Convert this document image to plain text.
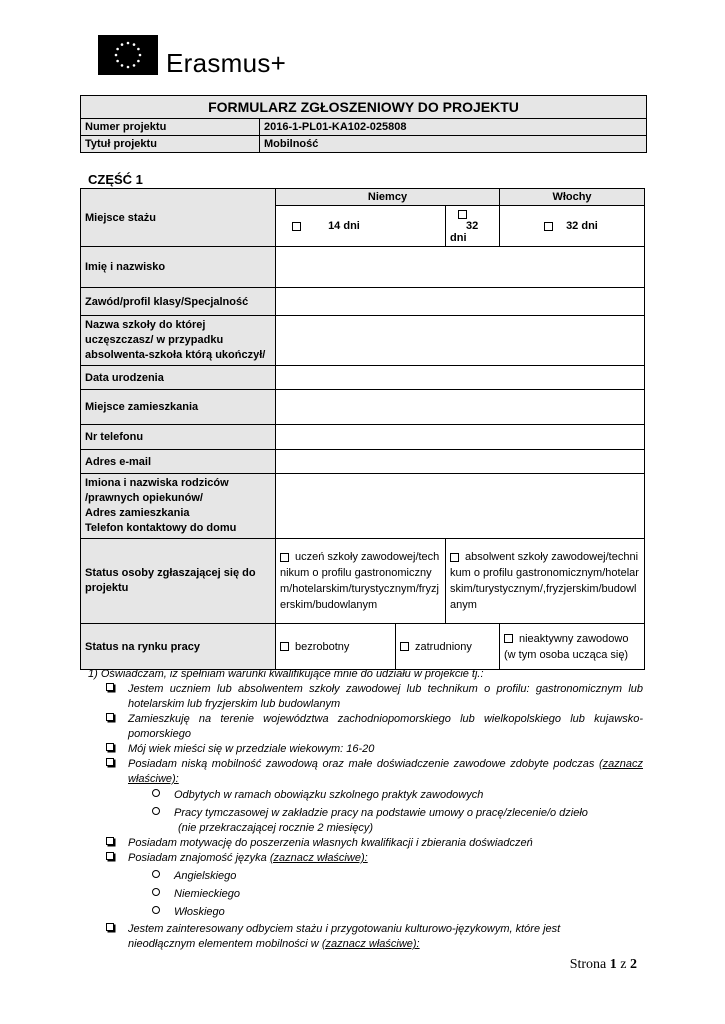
Erasmus+
FORMULARZ ZGŁOSZENIOWY DO PROJEKTU	
Numer projektu	2016-1-PL01-KA102-025808
Tytuł projektu	Mobilność
CZĘŚĆ 1
Miejsce stażu	Niemcy			Włochy
	14 dni		32 dni	32 dni
Imię i nazwisko				
Zawód/profil klasy/Specjalność				
Nazwa szkoły do której uczęszczasz/ w przypadku absolwenta-szkoła którą ukończył/				
Data urodzenia				
Miejsce zamieszkania				
Nr telefonu				
Adres e-mail				

Imiona i nazwiska rodziców
/prawnych opiekunów/
Adres zamieszkania
Telefon kontaktowy do domu				

Status osoby zgłaszającej się do projektu	uczeń szkoły zawodowej/technikum o profilu gastronomicznym/hotelarskim/turystycznym/fryzjerskim/budowlanym		absolwent szkoły zawodowej/technikum o profilu gastronomicznym/hotelarskim/turystycznym/,fryzjerskim/budowlanym	
Status na rynku pracy	bezrobotny	zatrudniony		nieaktywny zawodowo (w tym osoba ucząca się)
1) Oświadczam, iż spełniam warunki kwalifikujące mnie do udziału w projekcie tj.:
Jestem uczniem lub absolwentem szkoły zawodowej lub technikum o profilu: gastronomicznym lub hotelarskim lub fryzjerskim lub budowlanym
Zamieszkuję na terenie województwa zachodniopomorskiego lub wielkopolskiego lub kujawsko-pomorskiego
Mój wiek mieści się w przedziale wiekowym: 16-20
Posiadam niską mobilność zawodową oraz małe doświadczenie zawodowe zdobyte podczas (zaznacz właściwe):
Odbytych w ramach obowiązku szkolnego praktyk zawodowych
Pracy tymczasowej w zakładzie pracy na podstawie umowy o pracę/zlecenie/o dzieło
(nie przekraczającej rocznie 2 miesięcy)
Posiadam motywację do poszerzenia własnych kwalifikacji i zbierania doświadczeń
Posiadam znajomość języka (zaznacz właściwe):
Angielskiego
Niemieckiego
Włoskiego
Jestem zainteresowany odbyciem stażu i przygotowaniu kulturowo-językowym, które jest
nieodłącznym elementem mobilności w (zaznacz właściwe):
Strona 1 z 2
